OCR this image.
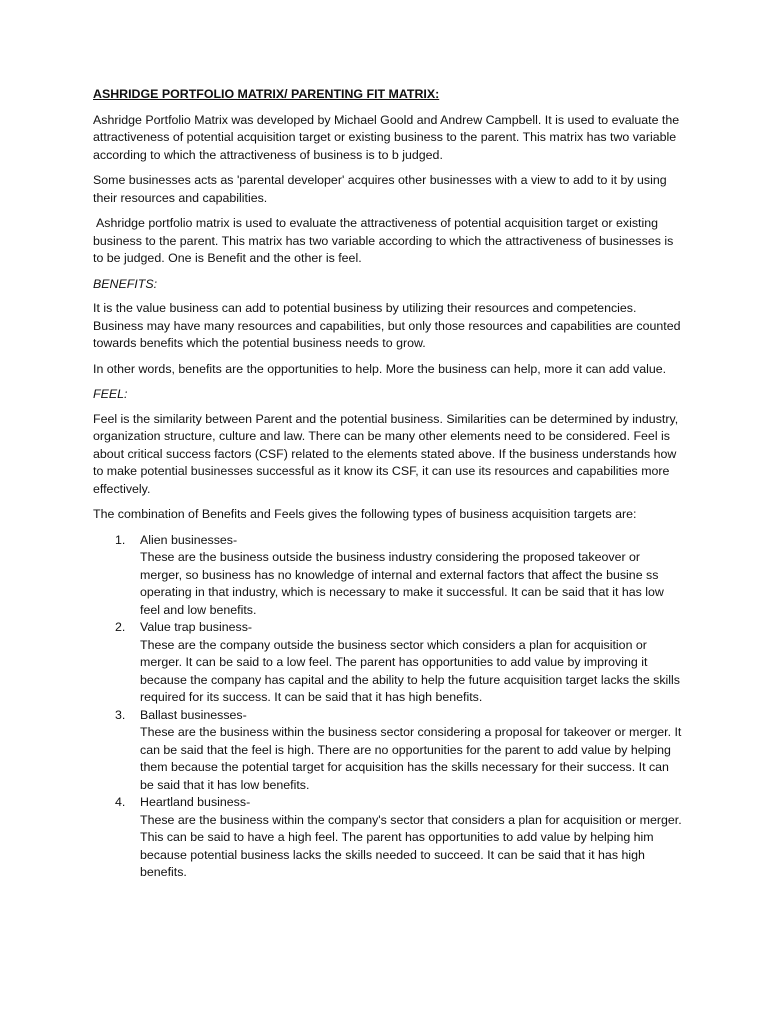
ASHRIDGE PORTFOLIO MATRIX/ PARENTING FIT MATRIX:

Ashridge Portfolio Matrix was developed by Michael Goold and Andrew Campbell. It is used to evaluate the attractiveness of potential acquisition target or existing business to the parent. This matrix has two variable according to which the attractiveness of business is to b judged.

Some businesses acts as 'parental developer' acquires other businesses with a view to add to it by using their resources and capabilities.

Ashridge portfolio matrix is used to evaluate the attractiveness of potential acquisition target or existing business to the parent. This matrix has two variable according to which the attractiveness of businesses is to be judged. One is Benefit and the other is feel.

BENEFITS:

It is the value business can add to potential business by utilizing their resources and competencies. Business may have many resources and capabilities, but only those resources and capabilities are counted towards benefits which the potential business needs to grow.

In other words, benefits are the opportunities to help. More the business can help, more it can add value.

FEEL:

Feel is the similarity between Parent and the potential business. Similarities can be determined by industry, organization structure, culture and law. There can be many other elements need to be considered. Feel is about critical success factors (CSF) related to the elements stated above. If the business understands how to make potential businesses successful as it know its CSF, it can use its resources and capabilities more effectively.

The combination of Benefits and Feels gives the following types of business acquisition targets are:

1. Alien businesses-
These are the business outside the business industry considering the proposed takeover or merger, so business has no knowledge of internal and external factors that affect the busine ss operating in that industry, which is necessary to make it successful. It can be said that it has low feel and low benefits.
2. Value trap business-
These are the company outside the business sector which considers a plan for acquisition or merger. It can be said to a low feel. The parent has opportunities to add value by improving it because the company has capital and the ability to help the future acquisition target lacks the skills required for its success. It can be said that it has high benefits.
3. Ballast businesses-
These are the business within the business sector considering a proposal for takeover or merger. It can be said that the feel is high. There are no opportunities for the parent to add value by helping them because the potential target for acquisition has the skills necessary for their success. It can be said that it has low benefits.
4. Heartland business-
These are the business within the company's sector that considers a plan for acquisition or merger. This can be said to have a high feel. The parent has opportunities to add value by helping him because potential business lacks the skills needed to succeed. It can be said that it has high benefits.
